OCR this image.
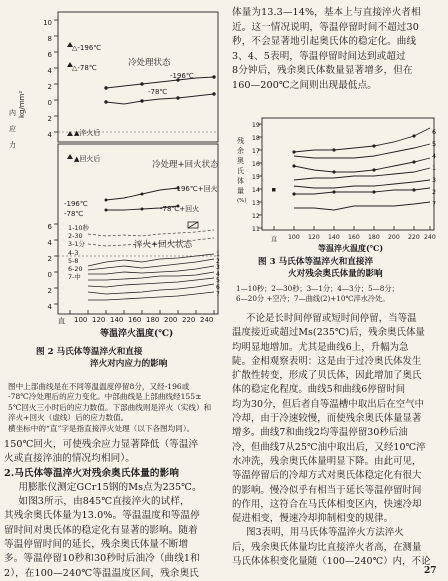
内
应
力
kg/mm²
10
8
6
4
2
0
2
4
6
4
2
0
2
4
△-196℃
△-78℃	冷处理状态
-196℃
-78℃
▲淬火后
▲回火后
冷处理+回火状态
-196℃+回火
-78℃+回火
-196℃
-78℃
淬火+回火状态
1-10秒
2-30
3-1分
4-3
5-8
6-20
7-中
1
2
3
4
5
6
7
直 100 120 140 160 180 200 220 240
等温淬火温度(℃)
图 2 马氏体等温淬火和直接
淬火对内应力的影响
图中上部曲线是在不同等温温度停留8分，又经-196或
-78℃冷处理后的应力变化。中部曲线是上部曲线经155±
5℃回火三小时后的应力数值。下部曲线则是淬火（实线）和
淬火+回火（虚线）后的应力数值。
横坐标中的“直”字是指直接淬火处理（以下各图均同）。
150℃回火，可使残余应力显著降低（等温淬
火或直接淬油的情况均相同）。
2.马氏体等温淬火对残余奥氏体量的影响
用膨胀仪测定GCr15钢的Ms点为235℃。
如图3所示，由845℃直接淬火的试样，
其残余奥氏体量为13.0%。等温温度和等温停
留时间对奥氏体的稳定化有显著的影响。随着
等温停留时间的延长，残余奥氏体量不断增
多。等温停留10秒和30秒时后油冷（曲线1和
2），在100—240℃等温温度区间，残余奥氏
体量为13.3—14%，基本上与直接淬火者相
近。这一情况说明，等温停留时间不超过30
秒，不会显著地引起奥氏体的稳定化。曲线
3、4、5表明，等温停留时间达到或超过
8分钟后，残余奥氏体数量显著增多，但在
160—200℃之间则出现最低点。
19
18
17
16
15
14
13
12
11
残
余
奥
氏
体
量
(%)
6
5
4
1
3
2
7
直 100 120 140 160 180 200 220 240
等温淬火温度(℃)
图 3 马氏体等温淬火和直接淬
火对残余奥氏体量的影响
1—10秒；2—30秒；3—1分；4—3分；5—8分；
6—20分 +空冷；7—曲线(2)+10℃淬水冷处。
不论是长时间停留或短时间停留，当等温
温度接近或超过Ms(235℃)后，残余奥氏体量
均明显地增加。尤其是曲线6上，升幅为急
陡。金相观察表明：这是由于过冷奥氏体发生
扩散性转变，形成了贝氏体，因此增加了奥氏
体的稳定化程度。曲线5和曲线6停留时间
均为30分，但后者自等温槽中取出后在空气中
冷却，由于冷速较慢，而使残余奥氏体量显著
增多。曲线7和曲线2均等温停留30秒后油
冷，但曲线7从25℃油中取出后，又经10℃淬
水冲洗，残余奥氏体量明显下降。由此可见，
等温停留后的冷却方式对奥氏体稳定化有很大
的影响。慢冷似乎有相当于延长等温停留时间
的作用，这符合在马氏体相变区内，快速冷却
促进相变，慢速冷却抑制相变的规律。
图3表明，用马氏体等温淬火方法淬火
后，残余奥氏体量均比直接淬火者高，在测量
马氏体体积变化量随（100—240℃）内，不论
27
